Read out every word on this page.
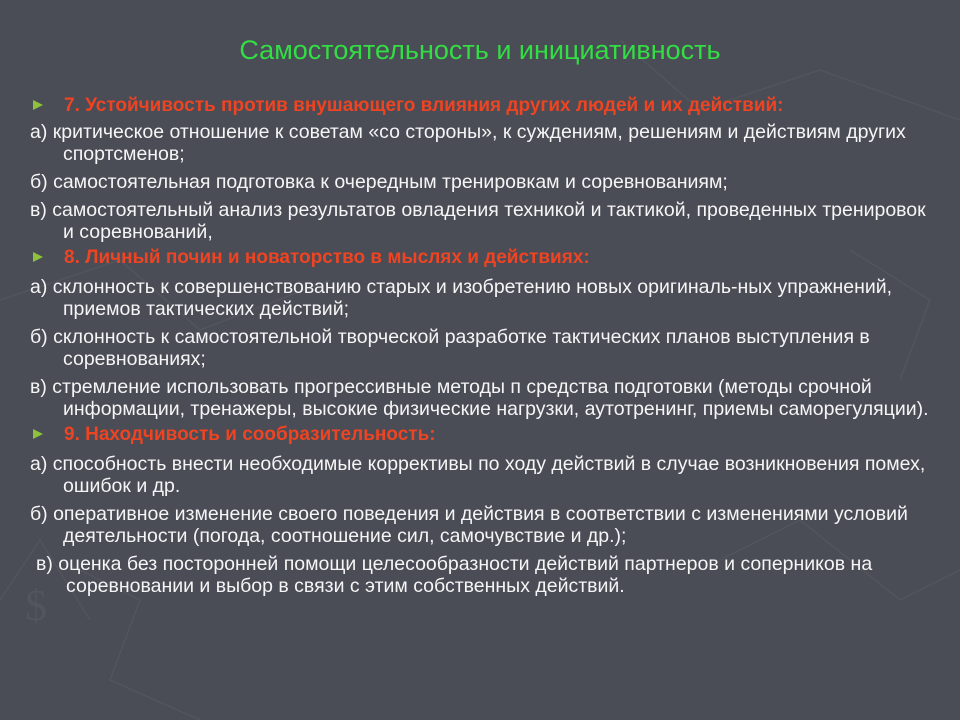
$
Самостоятельность и инициативность
7. Устойчивость против внушающего влияния других людей и их действий:
а) критическое отношение к советам «со стороны», к суждениям, решениям и действиям других спортсменов;
б) самостоятельная подготовка к очередным тренировкам и соревнованиям;
в) самостоятельный анализ результатов овладения техникой и тактикой, проведенных тренировок и соревнований,
8. Личный почин и новаторство в мыслях и действиях:
а) склонность к совершенствованию старых и изобретению новых оригиналь-ных упражнений, приемов тактических действий;
б) склонность к самостоятельной творческой разработке тактических планов выступления в соревнованиях;
в) стремление использовать прогрессивные методы п средства подготовки (методы срочной информации, тренажеры, высокие физические нагрузки, аутотренинг, приемы саморегуляции).
9. Находчивость и сообразительность:
а) способность внести необходимые коррективы по ходу действий в случае возникновения помех, ошибок и др.
б) оперативное изменение своего поведения и действия в соответствии с изменениями условий деятельности (погода, соотношение сил, самочувствие и др.);
в) оценка без посторонней помощи целесообразности действий партнеров и соперников на соревновании и выбор в связи с этим собственных действий.
